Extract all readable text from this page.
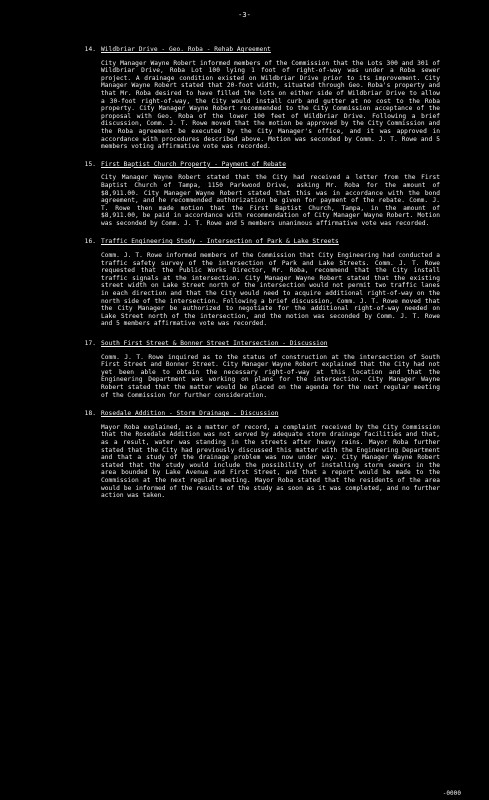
-3-
14. Wildbriar Drive - Geo. Roba - Rehab Agreement
City Manager Wayne Robert informed members of the Commission that the Lots 300 and 301 of Wildbriar Drive, Roba Lot 100 lying 1 foot of right-of-way was under a Roba sewer project. A drainage condition existed on Wildbriar Drive prior to its improvement. City Manager Wayne Robert stated that 20-foot width, situated through Geo. Roba's property and that Mr. Roba desired to have filled the lots on either side of Wildbriar Drive to allow a 30-foot right-of-way, the City would install curb and gutter at no cost to the Roba property. City Manager Wayne Robert recommended to the City Commission acceptance of the proposal with Geo. Roba of the lower 100 feet of Wildbriar Drive. Following a brief discussion, Comm. J. T. Rowe moved that the motion be approved by the City Commission and the Roba agreement be executed by the City Manager's office, and it was approved in accordance with procedures described above. Motion was seconded by Comm. J. T. Rowe and 5 members voting affirmative vote was recorded.
15. First Baptist Church Property - Payment of Rebate
City Manager Wayne Robert stated that the City had received a letter from the First Baptist Church of Tampa, 1150 Parkwood Drive, asking Mr. Roba for the amount of $8,911.00. City Manager Wayne Robert stated that this was in accordance with the bond agreement, and he recommended authorization be given for payment of the rebate. Comm. J. T. Rowe then made motion that the First Baptist Church, Tampa, in the amount of $8,911.00, be paid in accordance with recommendation of City Manager Wayne Robert. Motion was seconded by Comm. J. T. Rowe and 5 members unanimous affirmative vote was recorded.
16. Traffic Engineering Study - Intersection of Park & Lake Streets
Comm. J. T. Rowe informed members of the Commission that City Engineering had conducted a traffic safety survey of the intersection of Park and Lake Streets. Comm. J. T. Rowe requested that the Public Works Director, Mr. Roba, recommend that the City install traffic signals at the intersection. City Manager Wayne Robert stated that the existing street width on Lake Street north of the intersection would not permit two traffic lanes in each direction and that the City would need to acquire additional right-of-way on the north side of the intersection. Following a brief discussion, Comm. J. T. Rowe moved that the City Manager be authorized to negotiate for the additional right-of-way needed on Lake Street north of the intersection, and the motion was seconded by Comm. J. T. Rowe and 5 members affirmative vote was recorded.
17. South First Street & Bonner Street Intersection - Discussion
Comm. J. T. Rowe inquired as to the status of construction at the intersection of South First Street and Bonner Street. City Manager Wayne Robert explained that the City had not yet been able to obtain the necessary right-of-way at this location and that the Engineering Department was working on plans for the intersection. City Manager Wayne Robert stated that the matter would be placed on the agenda for the next regular meeting of the Commission for further consideration.
18. Rosedale Addition - Storm Drainage - Discussion
Mayor Roba explained, as a matter of record, a complaint received by the City Commission that the Rosedale Addition was not served by adequate storm drainage facilities and that, as a result, water was standing in the streets after heavy rains. Mayor Roba further stated that the City had previously discussed this matter with the Engineering Department and that a study of the drainage problem was now under way. City Manager Wayne Robert stated that the study would include the possibility of installing storm sewers in the area bounded by Lake Avenue and First Street, and that a report would be made to the Commission at the next regular meeting. Mayor Roba stated that the residents of the area would be informed of the results of the study as soon as it was completed, and no further action was taken.
-0000
